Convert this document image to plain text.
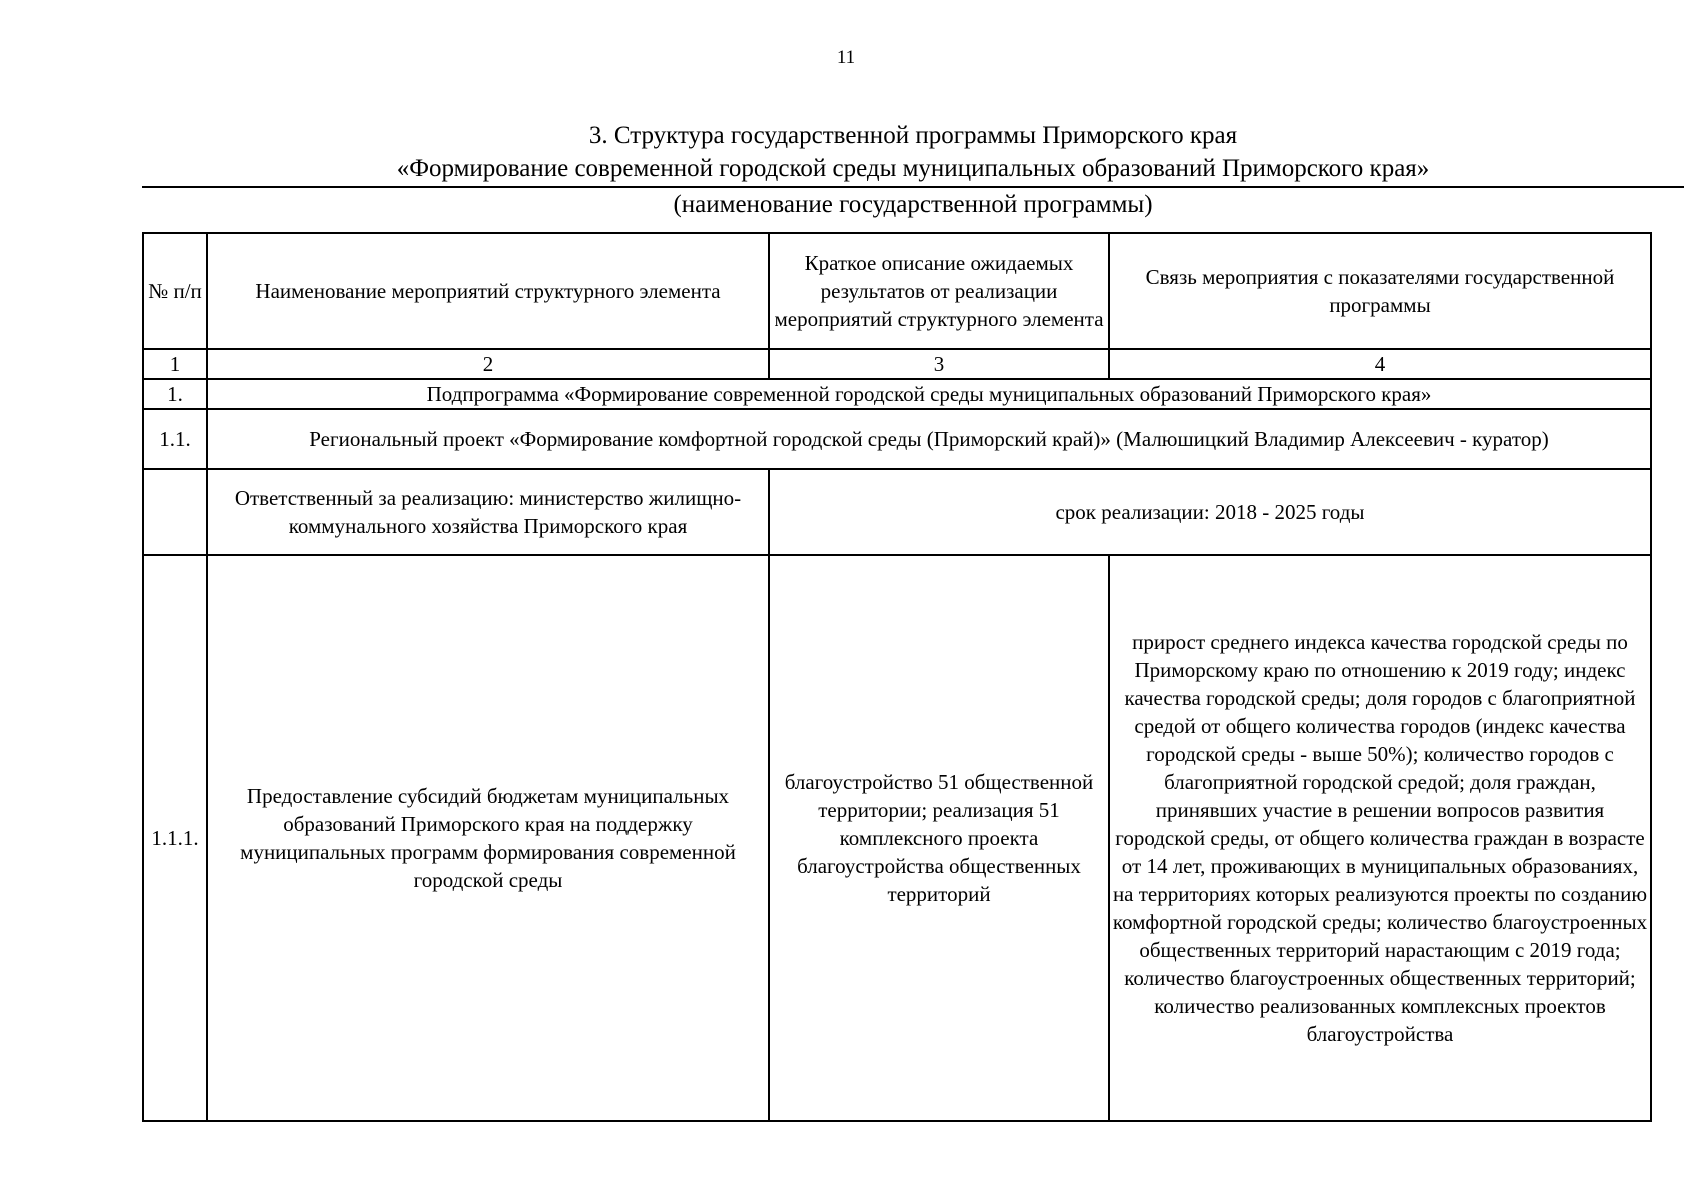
11
3. Структура государственной программы Приморского края
«Формирование современной городской среды муниципальных образований Приморского края»
(наименование государственной программы)
№ п/п	Наименование мероприятий структурного элемента	Краткое описание ожидаемых результатов от реализации мероприятий структурного элемента	Связь мероприятия с показателями государственной программы
1	2	3	4
1.	Подпрограмма «Формирование современной городской среды муниципальных образований Приморского края»		
1.1.	Региональный проект «Формирование комфортной городской среды (Приморский край)» (Малюшицкий Владимир Алексеевич - куратор)		

	Ответственный за реализацию: министерство жилищно-коммунального хозяйства Приморского края	срок реализации: 2018 - 2025 годы	
1.1.1.	Предоставление субсидий бюджетам муниципальных образований Приморского края на поддержку муниципальных программ формирования современной городской среды	благоустройство 51 общественной территории; реализация 51 комплексного проекта благоустройства общественных территорий	прирост среднего индекса качества городской среды по Приморскому краю по отношению к 2019 году; индекс качества городской среды; доля городов с благоприятной средой от общего количества городов (индекс качества городской среды - выше 50%); количество городов с благоприятной городской средой; доля граждан, принявших участие в решении вопросов развития городской среды, от общего количества граждан в возрасте от 14 лет, проживающих в муниципальных образованиях, на территориях которых реализуются проекты по созданию комфортной городской среды; количество благоустроенных общественных территорий нарастающим с 2019 года; количество благоустроенных общественных территорий; количество реализованных комплексных проектов благоустройства
